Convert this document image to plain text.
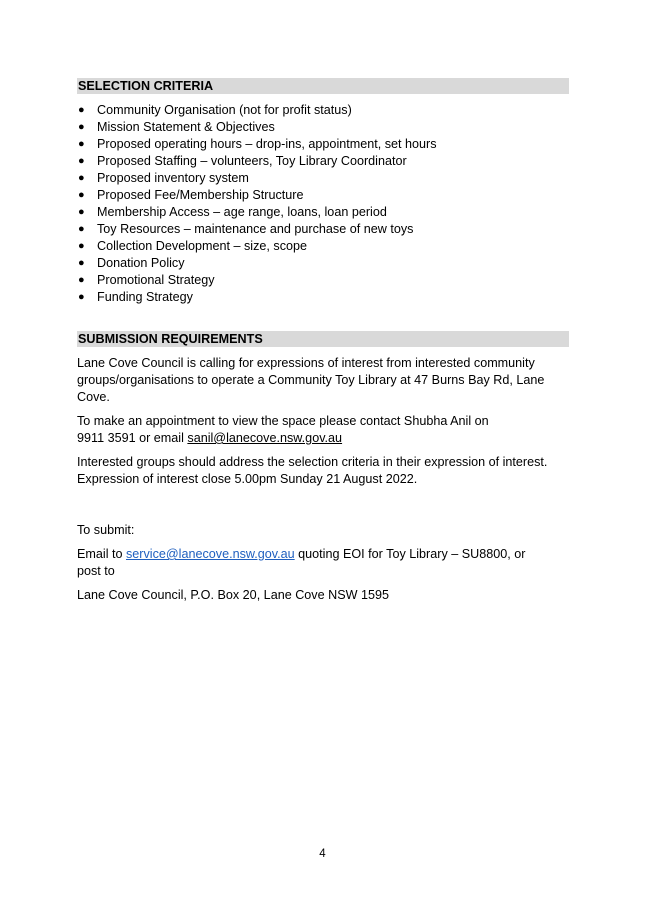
SELECTION CRITERIA
● Community Organisation (not for profit status)
● Mission Statement & Objectives
● Proposed operating hours – drop-ins, appointment, set hours
● Proposed Staffing – volunteers, Toy Library Coordinator
● Proposed inventory system
● Proposed Fee/Membership Structure
● Membership Access – age range, loans, loan period
● Toy Resources – maintenance and purchase of new toys
● Collection Development – size, scope
● Donation Policy
● Promotional Strategy
● Funding Strategy
SUBMISSION REQUIREMENTS

Lane Cove Council is calling for expressions of interest from interested community groups/organisations to operate a Community Toy Library at 47 Burns Bay Rd, Lane Cove.

To make an appointment to view the space please contact Shubha Anil on
9911 3591 or email sanil@lanecove.nsw.gov.au

Interested groups should address the selection criteria in their expression of interest.
Expression of interest close 5.00pm Sunday 21 August 2022.

To submit:

Email to service@lanecove.nsw.gov.au quoting EOI for Toy Library – SU8800, or
post to

Lane Cove Council, P.O. Box 20, Lane Cove NSW 1595

4
